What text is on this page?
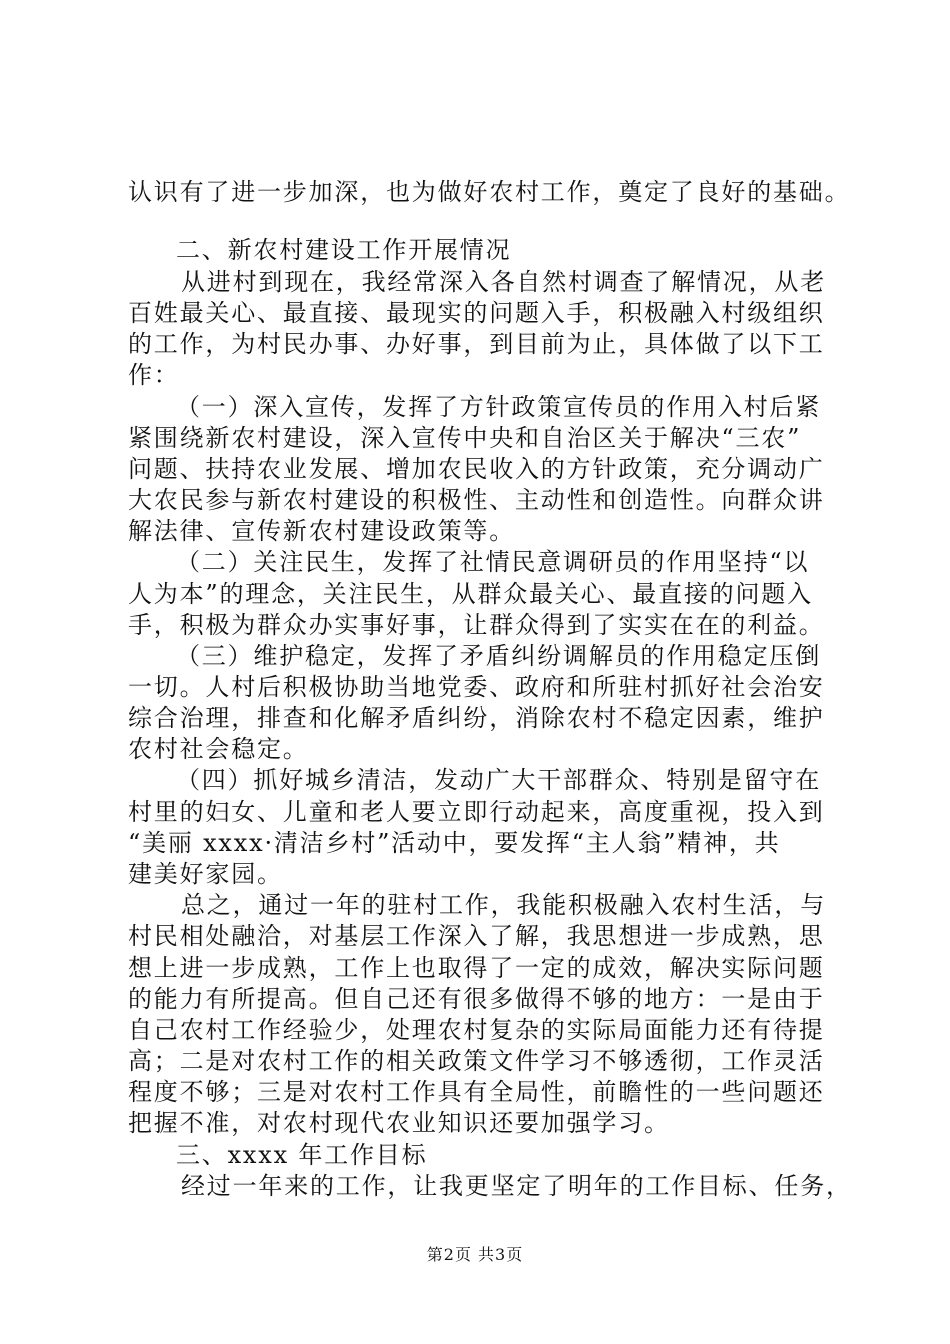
认识有了进一步加深，也为做好农村工作，奠定了良好的基础。
二、新农村建设工作开展情况
从进村到现在，我经常深入各自然村调查了解情况，从老
百姓最关心、最直接、最现实的问题入手，积极融入村级组织
的工作，为村民办事、办好事，到目前为止，具体做了以下工
作：
（一）深入宣传，发挥了方针政策宣传员的作用入村后紧
紧围绕新农村建设，深入宣传中央和自治区关于解决“三农”
问题、扶持农业发展、增加农民收入的方针政策，充分调动广
大农民参与新农村建设的积极性、主动性和创造性。向群众讲
解法律、宣传新农村建设政策等。
（二）关注民生，发挥了社情民意调研员的作用坚持“以
人为本”的理念，关注民生，从群众最关心、最直接的问题入
手，积极为群众办实事好事，让群众得到了实实在在的利益。
（三）维护稳定，发挥了矛盾纠纷调解员的作用稳定压倒
一切。人村后积极协助当地党委、政府和所驻村抓好社会治安
综合治理，排查和化解矛盾纠纷，消除农村不稳定因素，维护
农村社会稳定。
（四）抓好城乡清洁，发动广大干部群众、特别是留守在
村里的妇女、儿童和老人要立即行动起来，高度重视，投入到
“美丽 xxxx·清洁乡村”活动中，要发挥“主人翁”精神，共
建美好家园。
总之，通过一年的驻村工作，我能积极融入农村生活，与
村民相处融洽，对基层工作深入了解，我思想进一步成熟，思
想上进一步成熟，工作上也取得了一定的成效，解决实际问题
的能力有所提高。但自己还有很多做得不够的地方：一是由于
自己农村工作经验少，处理农村复杂的实际局面能力还有待提
高；二是对农村工作的相关政策文件学习不够透彻，工作灵活
程度不够；三是对农村工作具有全局性，前瞻性的一些问题还
把握不准，对农村现代农业知识还要加强学习。
三、xxxx 年工作目标
经过一年来的工作，让我更坚定了明年的工作目标、任务，
第2页 共3页
